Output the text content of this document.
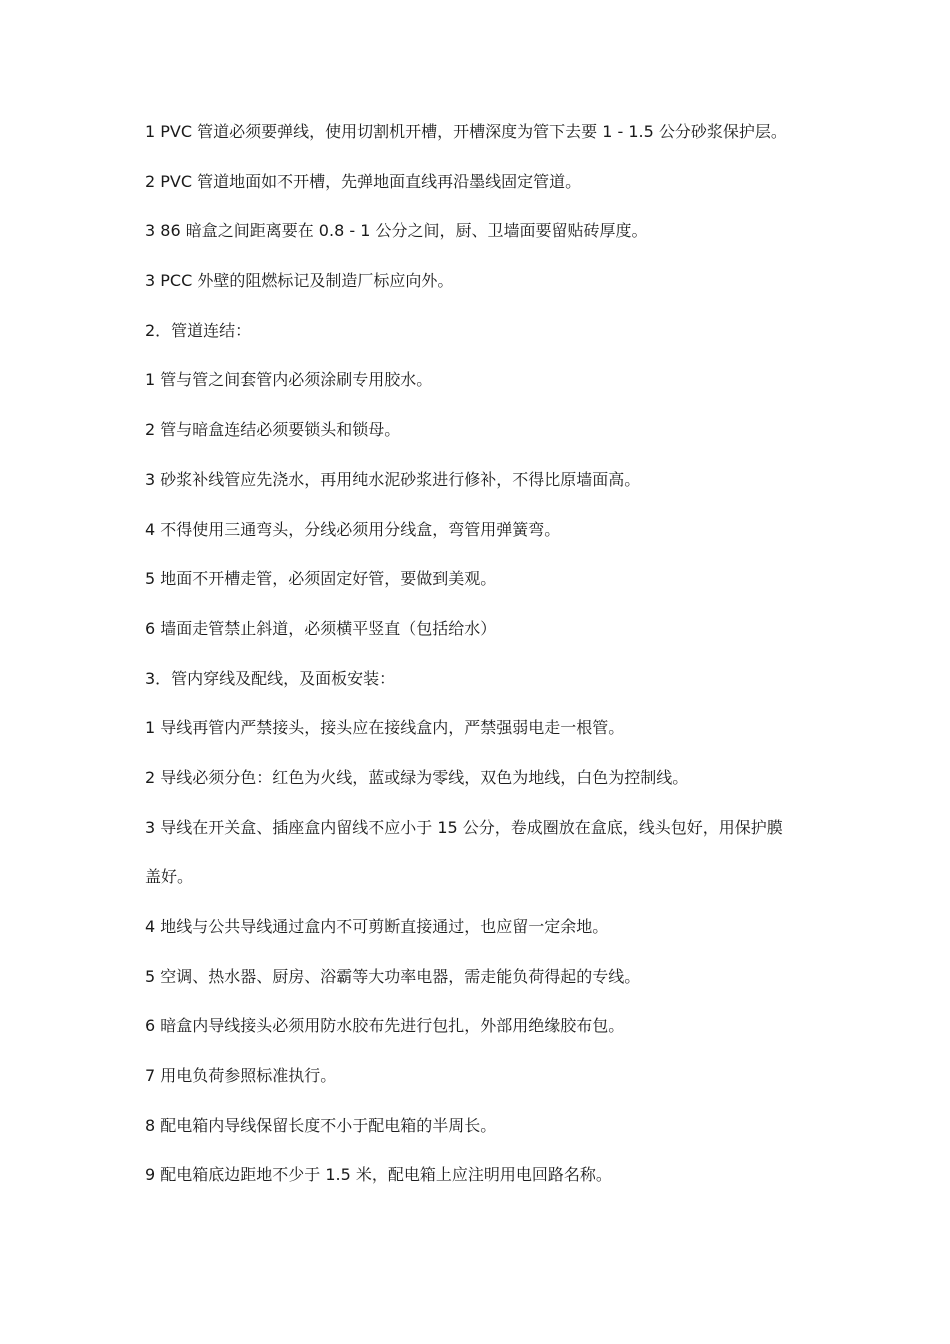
1 PVC 管道必须要弹线，使用切割机开槽，开槽深度为管下去要 1 - 1.5 公分砂浆保护层。

2 PVC 管道地面如不开槽，先弹地面直线再沿墨线固定管道。

3 86 暗盒之间距离要在 0.8 - 1 公分之间，厨、卫墙面要留贴砖厚度。

3 PCC 外壁的阻燃标记及制造厂标应向外。

2．管道连结：

1 管与管之间套管内必须涂刷专用胶水。

2 管与暗盒连结必须要锁头和锁母。

3 砂浆补线管应先浇水，再用纯水泥砂浆进行修补，不得比原墙面高。

4 不得使用三通弯头，分线必须用分线盒，弯管用弹簧弯。

5 地面不开槽走管，必须固定好管，要做到美观。

6 墙面走管禁止斜道，必须横平竖直（包括给水）

3．管内穿线及配线，及面板安装：

1 导线再管内严禁接头，接头应在接线盒内，严禁强弱电走一根管。

2 导线必须分色：红色为火线，蓝或绿为零线，双色为地线，白色为控制线。

3 导线在开关盒、插座盒内留线不应小于 15 公分，卷成圈放在盒底，线头包好，用保护膜

盖好。

4 地线与公共导线通过盒内不可剪断直接通过，也应留一定余地。

5 空调、热水器、厨房、浴霸等大功率电器，需走能负荷得起的专线。

6 暗盒内导线接头必须用防水胶布先进行包扎，外部用绝缘胶布包。

7 用电负荷参照标准执行。

8 配电箱内导线保留长度不小于配电箱的半周长。

9 配电箱底边距地不少于 1.5 米，配电箱上应注明用电回路名称。
